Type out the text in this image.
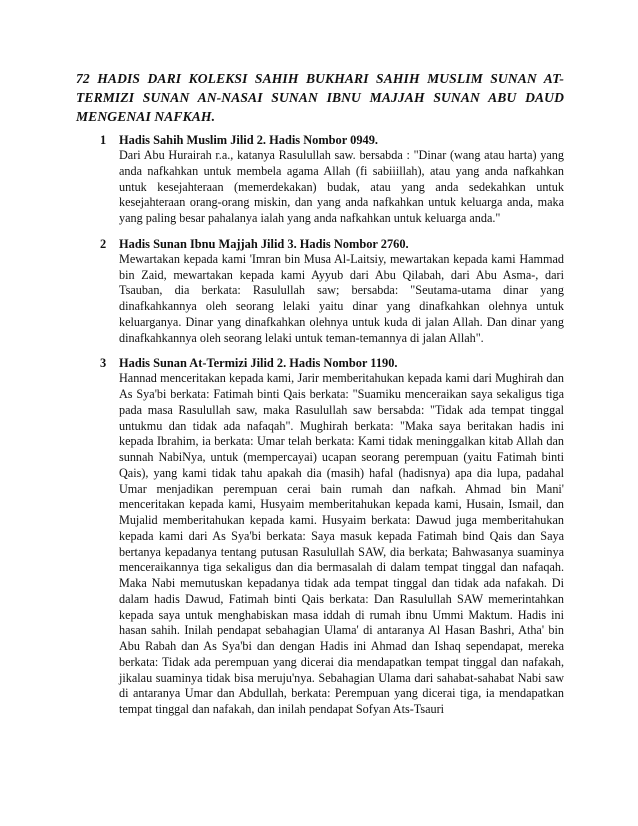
72 HADIS DARI KOLEKSI SAHIH BUKHARI SAHIH MUSLIM SUNAN AT-TERMIZI SUNAN AN-NASAI SUNAN IBNU MAJJAH SUNAN ABU DAUD MENGENAI NAFKAH.
1 Hadis Sahih Muslim Jilid 2. Hadis Nombor 0949.

Dari Abu Hurairah r.a., katanya Rasulullah saw. bersabda : "Dinar (wang atau harta) yang anda nafkahkan untuk membela agama Allah (fi sabiiillah), atau yang anda nafkahkan untuk kesejahteraan (memerdekakan) budak, atau yang anda sedekahkan untuk kesejahteraan orang-orang miskin, dan yang anda nafkahkan untuk keluarga anda, maka yang paling besar pahalanya ialah yang anda nafkahkan untuk keluarga anda."

2 Hadis Sunan Ibnu Majjah Jilid 3. Hadis Nombor 2760.

Mewartakan kepada kami 'Imran bin Musa Al-Laitsiy, mewartakan kepada kami Hammad bin Zaid, mewartakan kepada kami Ayyub dari Abu Qilabah, dari Abu Asma-, dari Tsauban, dia berkata: Rasulullah saw; bersabda: "Seutama-utama dinar yang dinafkahkannya oleh seorang lelaki yaitu dinar yang dinafkahkan olehnya untuk keluarganya. Dinar yang dinafkahkan olehnya untuk kuda di jalan Allah. Dan dinar yang dinafkahkannya oleh seorang lelaki untuk teman-temannya di jalan Allah".

3 Hadis Sunan At-Termizi Jilid 2. Hadis Nombor 1190.

Hannad menceritakan kepada kami, Jarir memberitahukan kepada kami dari Mughirah dan As Sya'bi berkata: Fatimah binti Qais berkata: "Suamiku menceraikan saya sekaligus tiga pada masa Rasulullah saw, maka Rasulullah saw bersabda: "Tidak ada tempat tinggal untukmu dan tidak ada nafaqah". Mughirah berkata: "Maka saya beritakan hadis ini kepada Ibrahim, ia berkata: Umar telah berkata: Kami tidak meninggalkan kitab Allah dan sunnah NabiNya, untuk (mempercayai) ucapan seorang perempuan (yaitu Fatimah binti Qais), yang kami tidak tahu apakah dia (masih) hafal (hadisnya) apa dia lupa, padahal Umar menjadikan perempuan cerai bain rumah dan nafkah. Ahmad bin Mani' menceritakan kepada kami, Husyaim memberitahukan kepada kami, Husain, Ismail, dan Mujalid memberitahukan kepada kami. Husyaim berkata: Dawud juga memberitahukan kepada kami dari As Sya'bi berkata: Saya masuk kepada Fatimah bind Qais dan Saya bertanya kepadanya tentang putusan Rasulullah SAW, dia berkata; Bahwasanya suaminya menceraikannya tiga sekaligus dan dia bermasalah di dalam tempat tinggal dan nafaqah. Maka Nabi memutuskan kepadanya tidak ada tempat tinggal dan tidak ada nafakah. Di dalam hadis Dawud, Fatimah binti Qais berkata: Dan Rasulullah SAW memerintahkan kepada saya untuk menghabiskan masa iddah di rumah ibnu Ummi Maktum. Hadis ini hasan sahih. Inilah pendapat sebahagian Ulama' di antaranya Al Hasan Bashri, Atha' bin Abu Rabah dan As Sya'bi dan dengan Hadis ini Ahmad dan Ishaq sependapat, mereka berkata: Tidak ada perempuan yang dicerai dia mendapatkan tempat tinggal dan nafakah, jikalau suaminya tidak bisa meruju'nya. Sebahagian Ulama dari sahabat-sahabat Nabi saw di antaranya Umar dan Abdullah, berkata: Perempuan yang dicerai tiga, ia mendapatkan tempat tinggal dan nafakah, dan inilah pendapat Sofyan Ats-Tsauri
